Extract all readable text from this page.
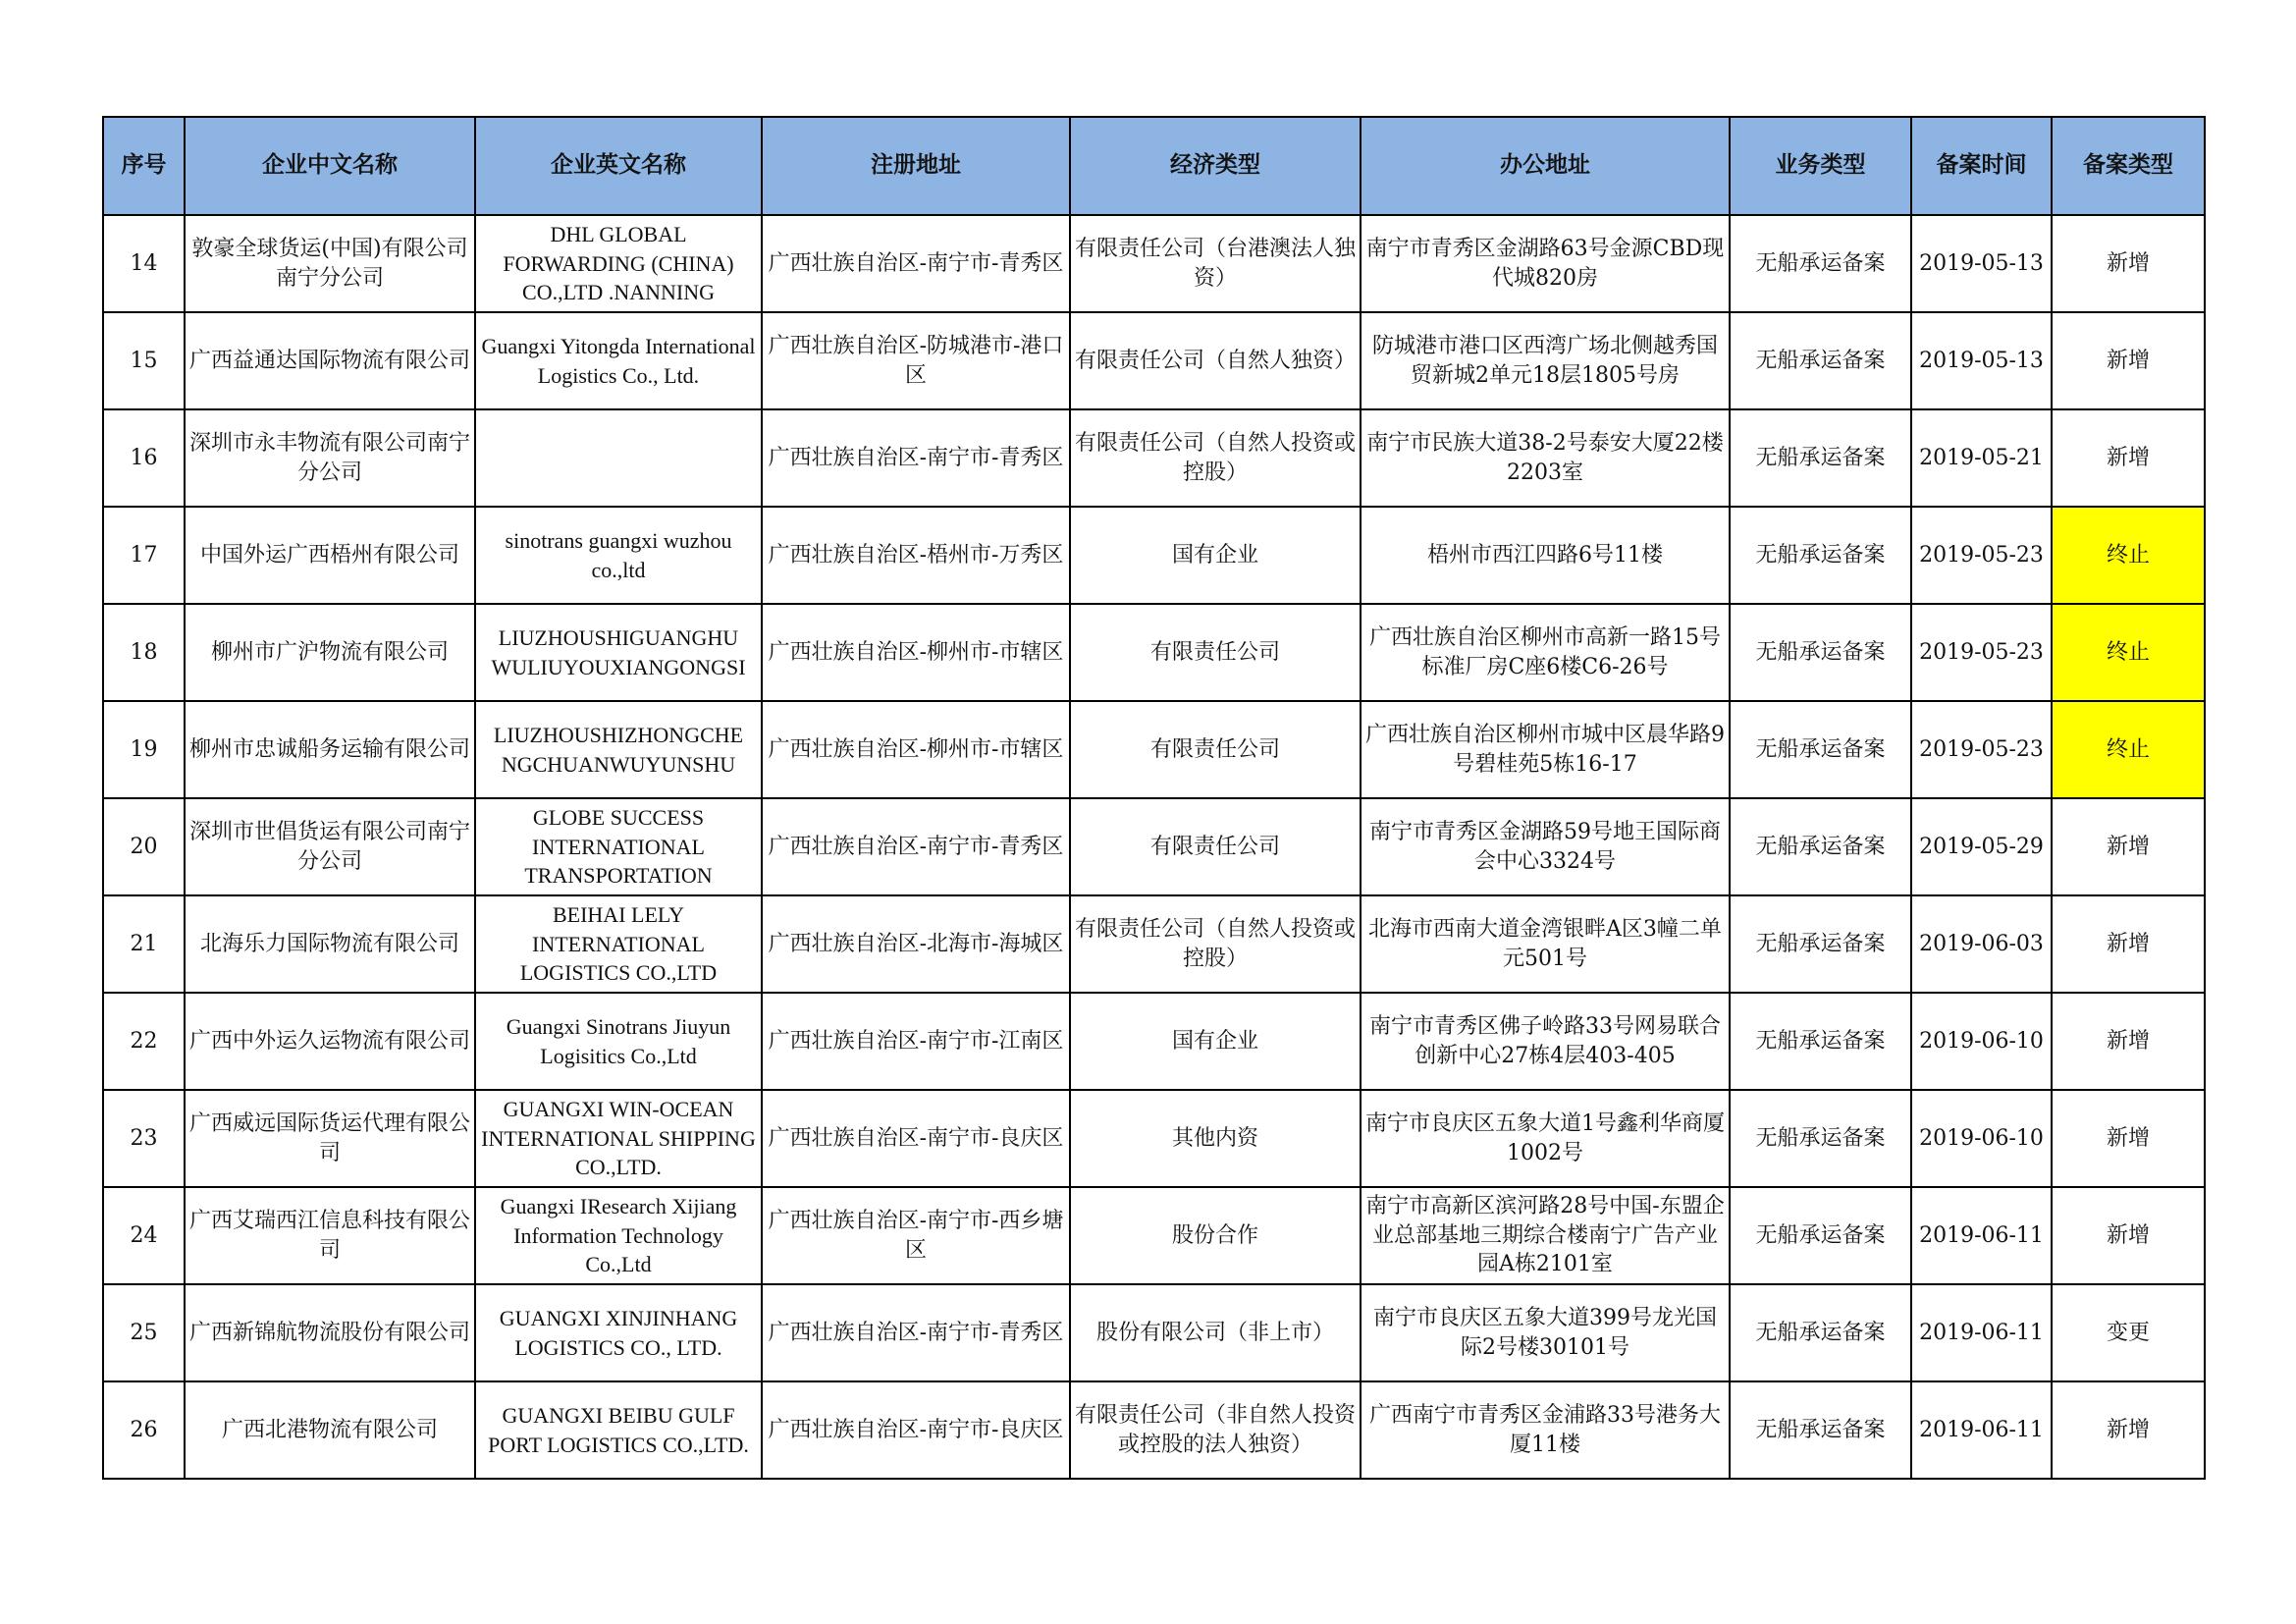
序号	企业中文名称	企业英文名称	注册地址	经济类型	办公地址	业务类型	备案时间	备案类型
14	敦豪全球货运(中国)有限公司南宁分公司	DHL GLOBAL FORWARDING (CHINA) CO.,LTD .NANNING	广西壮族自治区-南宁市-青秀区	有限责任公司（台港澳法人独资）	南宁市青秀区金湖路63号金源CBD现代城820房	无船承运备案	2019-05-13	新增
15	广西益通达国际物流有限公司	Guangxi Yitongda International Logistics Co., Ltd.	广西壮族自治区-防城港市-港口区	有限责任公司（自然人独资）	防城港市港口区西湾广场北侧越秀国贸新城2单元18层1805号房	无船承运备案	2019-05-13	新增
16	深圳市永丰物流有限公司南宁分公司		广西壮族自治区-南宁市-青秀区	有限责任公司（自然人投资或控股）	南宁市民族大道38-2号泰安大厦22楼2203室	无船承运备案	2019-05-21	新增
17	中国外运广西梧州有限公司	sinotrans guangxi wuzhou co.,ltd	广西壮族自治区-梧州市-万秀区	国有企业	梧州市西江四路6号11楼	无船承运备案	2019-05-23	终止
18	柳州市广沪物流有限公司	LIUZHOUSHIGUANGHU WULIUYOUXIANGONGSI	广西壮族自治区-柳州市-市辖区	有限责任公司	广西壮族自治区柳州市高新一路15号标准厂房C座6楼C6-26号	无船承运备案	2019-05-23	终止
19	柳州市忠诚船务运输有限公司	LIUZHOUSHIZHONGCHE NGCHUANWUYUNSHU	广西壮族自治区-柳州市-市辖区	有限责任公司	广西壮族自治区柳州市城中区晨华路9号碧桂苑5栋16-17	无船承运备案	2019-05-23	终止
20	深圳市世倡货运有限公司南宁分公司	GLOBE SUCCESS INTERNATIONAL TRANSPORTATION	广西壮族自治区-南宁市-青秀区	有限责任公司	南宁市青秀区金湖路59号地王国际商会中心3324号	无船承运备案	2019-05-29	新增
21	北海乐力国际物流有限公司	BEIHAI LELY INTERNATIONAL LOGISTICS CO.,LTD	广西壮族自治区-北海市-海城区	有限责任公司（自然人投资或控股）	北海市西南大道金湾银畔A区3幢二单元501号	无船承运备案	2019-06-03	新增
22	广西中外运久运物流有限公司	Guangxi Sinotrans Jiuyun Logisitics Co.,Ltd	广西壮族自治区-南宁市-江南区	国有企业	南宁市青秀区佛子岭路33号网易联合创新中心27栋4层403-405	无船承运备案	2019-06-10	新增
23	广西威远国际货运代理有限公司	GUANGXI WIN-OCEAN INTERNATIONAL SHIPPING CO.,LTD.	广西壮族自治区-南宁市-良庆区	其他内资	南宁市良庆区五象大道1号鑫利华商厦1002号	无船承运备案	2019-06-10	新增
24	广西艾瑞西江信息科技有限公司	Guangxi IResearch Xijiang Information Technology Co.,Ltd	广西壮族自治区-南宁市-西乡塘区	股份合作	南宁市高新区滨河路28号中国-东盟企业总部基地三期综合楼南宁广告产业园A栋2101室	无船承运备案	2019-06-11	新增
25	广西新锦航物流股份有限公司	GUANGXI XINJINHANG LOGISTICS CO., LTD.	广西壮族自治区-南宁市-青秀区	股份有限公司（非上市）	南宁市良庆区五象大道399号龙光国际2号楼30101号	无船承运备案	2019-06-11	变更
26	广西北港物流有限公司	GUANGXI BEIBU GULF PORT LOGISTICS CO.,LTD.	广西壮族自治区-南宁市-良庆区	有限责任公司（非自然人投资或控股的法人独资）	广西南宁市青秀区金浦路33号港务大厦11楼	无船承运备案	2019-06-11	新增
